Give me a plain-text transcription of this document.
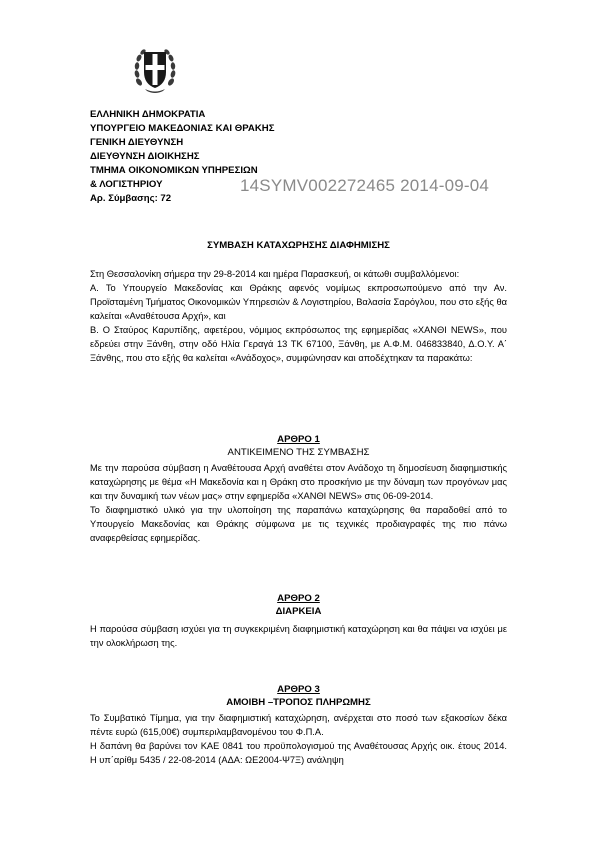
ΕΛΛΗΝΙΚΗ ΔΗΜΟΚΡΑΤΙΑ
ΥΠΟΥΡΓΕΙΟ ΜΑΚΕΔΟΝΙΑΣ ΚΑΙ ΘΡΑΚΗΣ
ΓΕΝΙΚΗ ΔΙΕΥΘΥΝΣΗ
ΔΙΕΥΘΥΝΣΗ ΔΙΟΙΚΗΣΗΣ
ΤΜΗΜΑ ΟΙΚΟΝΟΜΙΚΩΝ ΥΠΗΡΕΣΙΩΝ
& ΛΟΓΙΣΤΗΡΙΟΥ
Αρ. Σύμβασης: 72
14SYMV002272465 2014-09-04
ΣΥΜΒΑΣΗ ΚΑΤΑΧΩΡΗΣΗΣ ΔΙΑΦΗΜΙΣΗΣ

Στη Θεσσαλονίκη σήμερα την 29-8-2014 και ημέρα Παρασκευή, οι κάτωθι συμβαλλόμενοι:

Α. Το Υπουργείο Μακεδονίας και Θράκης αφενός νομίμως εκπροσωπούμενο από την Αν. Προϊσταμένη Τμήματος Οικονομικών Υπηρεσιών & Λογιστηρίου, Βαλασία Σαρόγλου, που στο εξής θα καλείται «Αναθέτουσα Αρχή», και

Β. Ο Σταύρος Καρυπίδης, αφετέρου, νόμιμος εκπρόσωπος της εφημερίδας «ΧΑΝΘΙ NEWS», που εδρεύει στην Ξάνθη, στην οδό Ηλία Γεραγά 13 ΤΚ 67100, Ξάνθη, με Α.Φ.Μ. 046833840, Δ.Ο.Υ. Α΄ Ξάνθης, που στο εξής θα καλείται «Ανάδοχος», συμφώνησαν και αποδέχτηκαν τα παρακάτω:

ΑΡΘΡΟ 1
ΑΝΤΙΚΕΙΜΕΝΟ ΤΗΣ ΣΥΜΒΑΣΗΣ

Με την παρούσα σύμβαση η Αναθέτουσα Αρχή αναθέτει στον Ανάδοχο τη δημοσίευση διαφημιστικής καταχώρησης με θέμα «Η Μακεδονία και η Θράκη στο προσκήνιο με την δύναμη των προγόνων μας και την δυναμική των νέων μας» στην εφημερίδα «ΧΑΝΘΙ NEWS» στις 06-09-2014.

Το διαφημιστικό υλικό για την υλοποίηση της παραπάνω καταχώρησης θα παραδοθεί από το Υπουργείο Μακεδονίας και Θράκης σύμφωνα με τις τεχνικές προδιαγραφές της πιο πάνω αναφερθείσας εφημερίδας.

ΑΡΘΡΟ 2
ΔΙΑΡΚΕΙΑ

Η παρούσα σύμβαση ισχύει για τη συγκεκριμένη διαφημιστική καταχώρηση και θα πάψει να ισχύει με την ολοκλήρωση της.

ΑΡΘΡΟ 3
ΑΜΟΙΒΗ –ΤΡΟΠΟΣ ΠΛΗΡΩΜΗΣ

Το Συμβατικό Τίμημα, για την διαφημιστική καταχώρηση, ανέρχεται στο ποσό των εξακοσίων δέκα πέντε ευρώ (615,00€) συμπεριλαμβανομένου του Φ.Π.Α.

Η δαπάνη θα βαρύνει τον ΚΑΕ 0841 του προϋπολογισμού της Αναθέτουσας Αρχής οικ. έτους 2014. Η υπ΄αρίθμ 5435 / 22-08-2014 (ΑΔΑ: ΩΕ2004-Ψ7Ξ) ανάληψη
